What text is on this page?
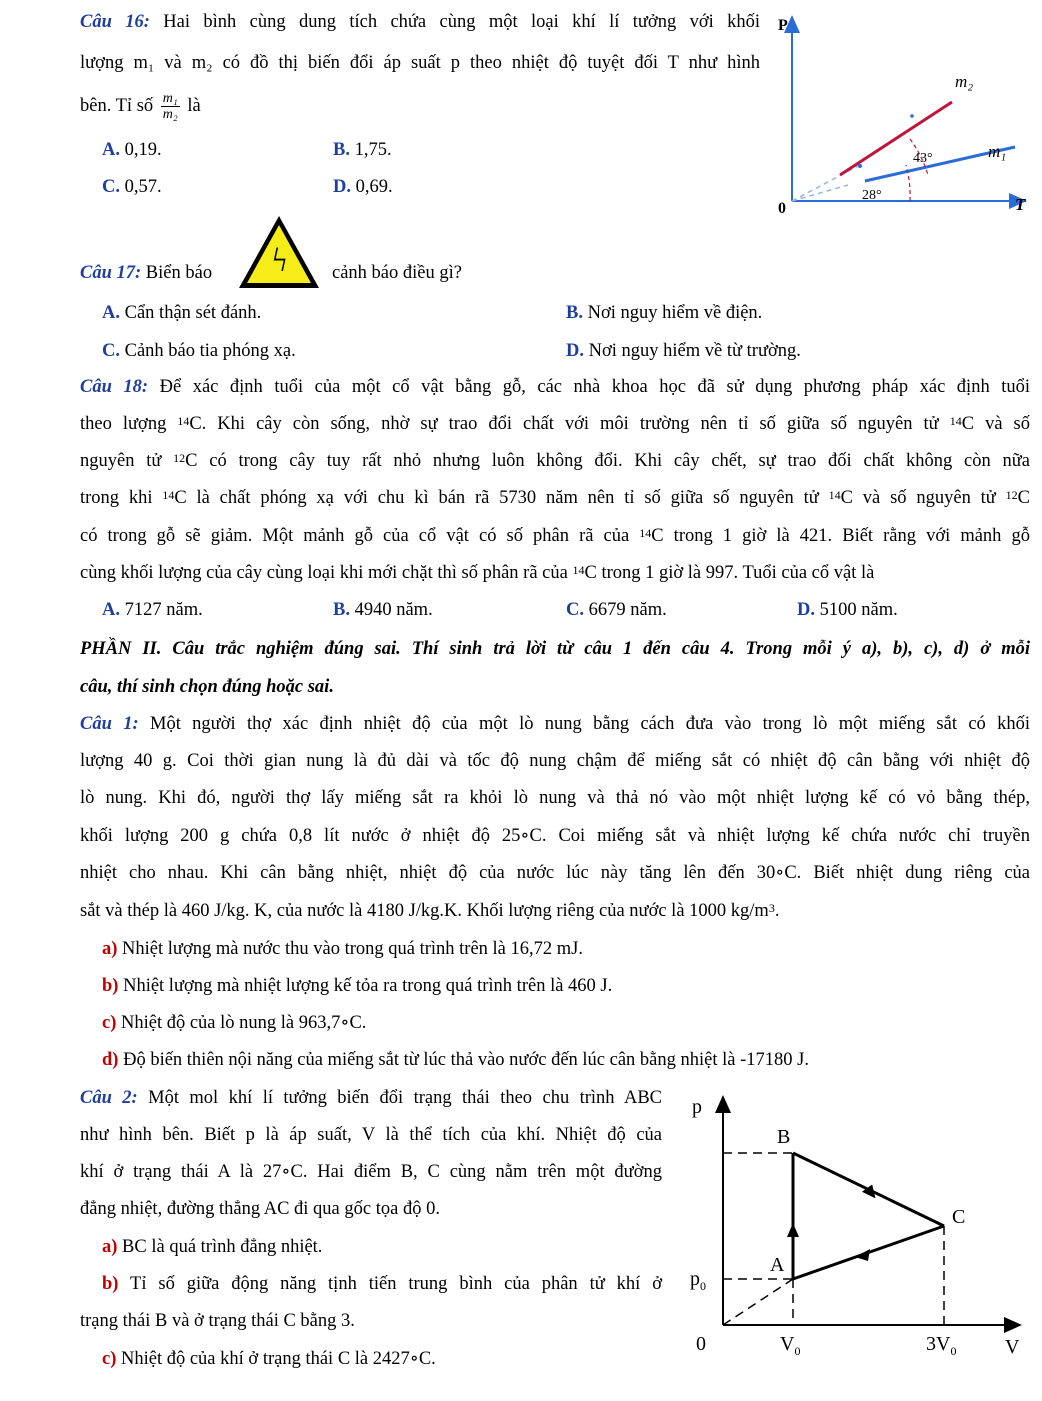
Câu 16: Hai bình cùng dung tích chứa cùng một loại khí lí tưởng với khối
lượng m₁ và m₂ có đồ thị biến đổi áp suất p theo nhiệt độ tuyệt đối T như hình
bên. Tỉ số $\frac{\text{m₁}}{\text{m₂}}$ là
A. 0,19.	B. 1,75.
C. 0,57.	D. 0,69.
P
T
0
43°
28°
m₂
m₁
Câu 17: Biển báo ϟ cảnh báo điều gì?
A. Cẩn thận sét đánh.	B. Nơi nguy hiểm về điện.
C. Cảnh báo tia phóng xạ.	D. Nơi nguy hiểm về từ trường.
Câu 18: Để xác định tuổi của một cổ vật bằng gỗ, các nhà khoa học đã sử dụng phương pháp xác định tuổi
theo lượng $^{14}$C. Khi cây còn sống, nhờ sự trao đổi chất với môi trường nên tỉ số giữa số nguyên tử $^{14}$C và số
nguyên tử $^{12}$C có trong cây tuy rất nhỏ nhưng luôn không đổi. Khi cây chết, sự trao đối chất không còn nữa
trong khi $^{14}$C là chất phóng xạ với chu kì bán rã 5730 năm nên tỉ số giữa số nguyên tử $^{14}$C và số nguyên tử $^{12}$C
có trong gỗ sẽ giảm. Một mảnh gỗ của cổ vật có số phân rã của $^{14}$C trong 1 giờ là 421. Biết rằng với mảnh gỗ
cùng khối lượng của cây cùng loại khi mới chặt thì số phân rã của $^{14}$C trong 1 giờ là 997. Tuổi của cổ vật là
A. 7127 năm.	B. 4940 năm.	C. 6679 năm.	D. 5100 năm.
PHẦN II. Câu trắc nghiệm đúng sai. Thí sinh trả lời từ câu 1 đến câu 4. Trong mỗi ý a), b), c), d) ở mỗi
câu, thí sinh chọn đúng hoặc sai.
Câu 1: Một người thợ xác định nhiệt độ của một lò nung bằng cách đưa vào trong lò một miếng sắt có khối
lượng 40 g. Coi thời gian nung là đủ dài và tốc độ nung chậm để miếng sắt có nhiệt độ cân bằng với nhiệt độ
lò nung. Khi đó, người thợ lấy miếng sắt ra khỏi lò nung và thả nó vào một nhiệt lượng kế có vỏ bằng thép,
khối lượng 200 g chứa 0,8 lít nước ở nhiệt độ 25∘C. Coi miếng sắt và nhiệt lượng kế chứa nước chỉ truyền
nhiệt cho nhau. Khi cân bằng nhiệt, nhiệt độ của nước lúc này tăng lên đến 30∘C. Biết nhiệt dung riêng của
sắt và thép là 460 J/kg. K, của nước là 4180 J/kg.K. Khối lượng riêng của nước là 1000 $kg/m^3$.
a) Nhiệt lượng mà nước thu vào trong quá trình trên là 16,72 mJ.
b) Nhiệt lượng mà nhiệt lượng kế tỏa ra trong quá trình trên là 460 J.
c) Nhiệt độ của lò nung là 963,7∘C.
d) Độ biến thiên nội năng của miếng sắt từ lúc thả vào nước đến lúc cân bằng nhiệt là -17180 J.
Câu 2: Một mol khí lí tưởng biến đổi trạng thái theo chu trình ABC
như hình bên. Biết p là áp suất, V là thể tích của khí. Nhiệt độ của
khí ở trạng thái A là 27∘C. Hai điểm B, C cùng nằm trên một đường
đẳng nhiệt, đường thẳng AC đi qua gốc tọa độ 0.
a) BC là quá trình đẳng nhiệt.
b) Tỉ số giữa động năng tịnh tiến trung bình của phân tử khí ở
trạng thái B và ở trạng thái C bằng 3.
c) Nhiệt độ của khí ở trạng thái C là 2427∘C.
p
V
0
B
C
A
$p_0$
$V_0$	$3V_0$
